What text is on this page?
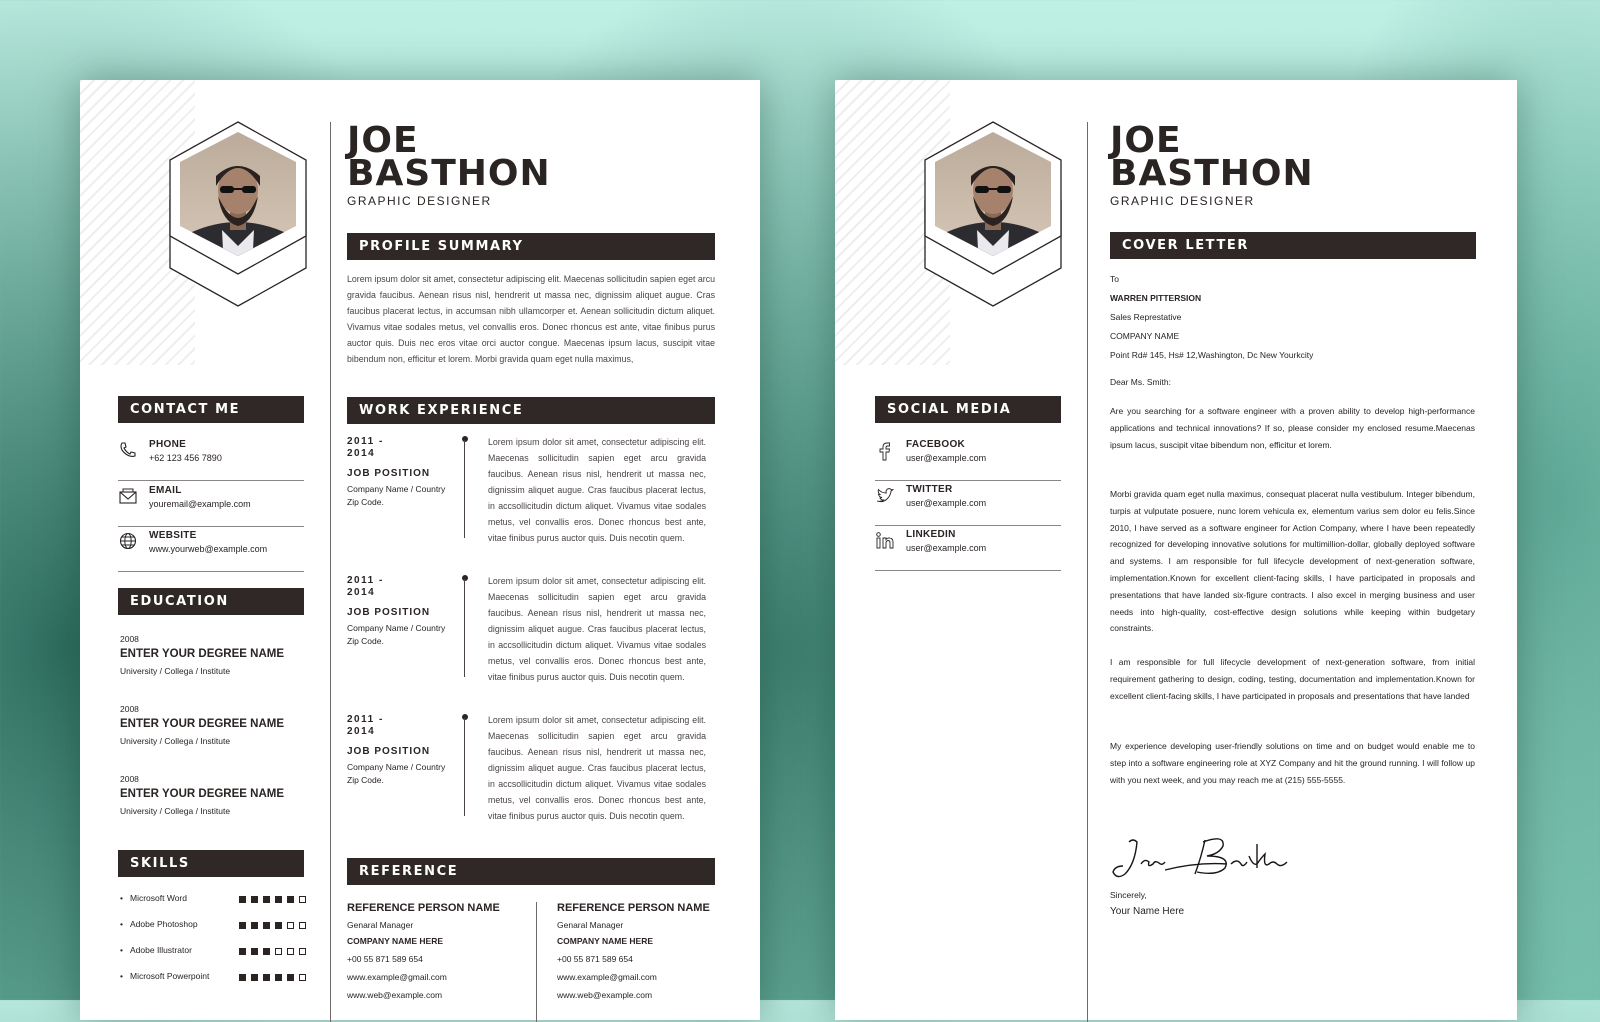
JOE
BASTHON
GRAPHIC DESIGNER
PROFILE SUMMARY

Lorem ipsum dolor sit amet, consectetur adipiscing elit. Maecenas sollicitudin sapien eget arcu gravida faucibus. Aenean risus nisl, hendrerit ut massa nec, dignissim aliquet augue. Cras faucibus placerat lectus, in accumsan nibh ullamcorper et. Aenean sollicitudin dictum aliquet. Vivamus vitae sodales metus, vel convallis eros. Donec rhoncus est ante, vitae finibus purus auctor quis. Duis nec eros vitae orci auctor congue. Maecenas ipsum lacus, suscipit vitae bibendum non, efficitur et lorem. Morbi gravida quam eget nulla maximus,

CONTACT ME
PHONE
+62 123 456 7890
EMAIL
youremail@example.com
WEBSITE
www.yourweb@example.com
EDUCATION
2008
ENTER YOUR DEGREE NAME
University / Collega / Institute
2008
ENTER YOUR DEGREE NAME
University / Collega / Institute
2008
ENTER YOUR DEGREE NAME
University / Collega / Institute
SKILLS
• Microsoft Word
• Adobe Photoshop
• Adobe Illustrator
• Microsoft Powerpoint
WORK EXPERIENCE
2011 -
2014
JOB POSITION
Company Name / Country
Zip Code.

Lorem ipsum dolor sit amet, consectetur adipiscing elit. Maecenas sollicitudin sapien eget arcu gravida faucibus. Aenean risus nisl, hendrerit ut massa nec, dignissim aliquet augue. Cras faucibus placerat lectus, in accsollicitudin dictum aliquet. Vivamus vitae sodales metus, vel convallis eros. Donec rhoncus best ante, vitae finibus purus auctor quis. Duis necotin quem.

2011 -
2014
JOB POSITION
Company Name / Country
Zip Code.

Lorem ipsum dolor sit amet, consectetur adipiscing elit. Maecenas sollicitudin sapien eget arcu gravida faucibus. Aenean risus nisl, hendrerit ut massa nec, dignissim aliquet augue. Cras faucibus placerat lectus, in accsollicitudin dictum aliquet. Vivamus vitae sodales metus, vel convallis eros. Donec rhoncus best ante, vitae finibus purus auctor quis. Duis necotin quem.

2011 -
2014
JOB POSITION
Company Name / Country
Zip Code.

Lorem ipsum dolor sit amet, consectetur adipiscing elit. Maecenas sollicitudin sapien eget arcu gravida faucibus. Aenean risus nisl, hendrerit ut massa nec, dignissim aliquet augue. Cras faucibus placerat lectus, in accsollicitudin dictum aliquet. Vivamus vitae sodales metus, vel convallis eros. Donec rhoncus best ante, vitae finibus purus auctor quis. Duis necotin quem.

REFERENCE
REFERENCE PERSON NAME
Genaral Manager
COMPANY NAME HERE
+00 55 871 589 654
www.example@gmail.com
www.web@example.com
REFERENCE PERSON NAME
Genaral Manager
COMPANY NAME HERE
+00 55 871 589 654
www.example@gmail.com
www.web@example.com
JOE
BASTHON
GRAPHIC DESIGNER
SOCIAL MEDIA
FACEBOOK
user@example.com
TWITTER
user@example.com
LINKEDIN
user@example.com
COVER LETTER

To

WARREN PITTERSION

Sales Represtative

COMPANY NAME

Point Rd# 145, Hs# 12,Washington, Dc New Yourkcity

Dear Ms. Smith:

Are you searching for a software engineer with a proven ability to develop high-performance applications and technical innovations? If so, please consider my enclosed resume.Maecenas ipsum lacus, suscipit vitae bibendum non, efficitur et lorem.

Morbi gravida quam eget nulla maximus, consequat placerat nulla vestibulum. Integer bibendum, turpis at vulputate posuere, nunc lorem vehicula ex, elementum varius sem dolor eu felis.Since 2010, I have served as a software engineer for Action Company, where I have been repeatedly recognized for developing innovative solutions for multimillion-dollar, globally deployed software and systems. I am responsible for full lifecycle development of next-generation software, implementation.Known for excellent client-facing skills, I have participated in proposals and presentations that have landed six-figure contracts. I also excel in merging business and user needs into high-quality, cost-effective design solutions while keeping within budgetary constraints.

I am responsible for full lifecycle development of next-generation software, from initial requirement gathering to design, coding, testing, documentation and implementation.Known for excellent client-facing skills, I have participated in proposals and presentations that have landed

My experience developing user-friendly solutions on time and on budget would enable me to step into a software engineering role at XYZ Company and hit the ground running. I will follow up with you next week, and you may reach me at (215) 555-5555.

Sincerely,

Your Name Here
